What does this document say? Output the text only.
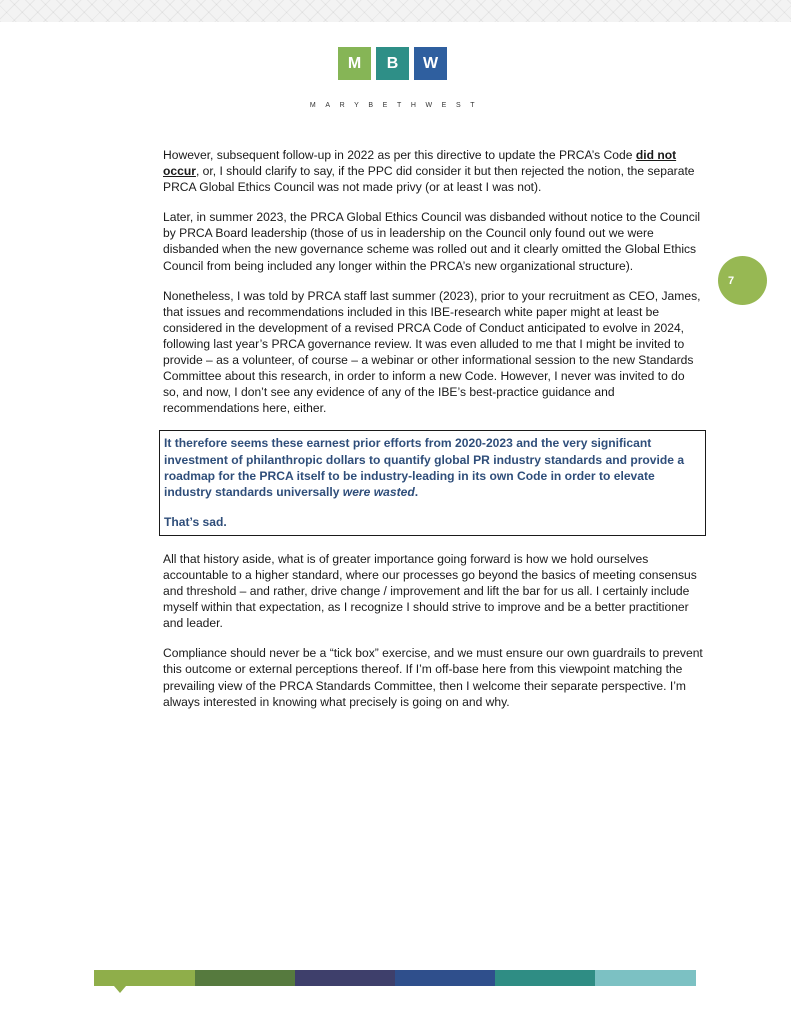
M	B	W
MARYBETHWEST
7

However, subsequent follow-up in 2022 as per this directive to update the PRCA’s Code did not occur, or, I should clarify to say, if the PPC did consider it but then rejected the notion, the separate PRCA Global Ethics Council was not made privy (or at least I was not).

Later, in summer 2023, the PRCA Global Ethics Council was disbanded without notice to the Council by PRCA Board leadership (those of us in leadership on the Council only found out we were disbanded when the new governance scheme was rolled out and it clearly omitted the Global Ethics Council from being included any longer within the PRCA’s new organizational structure).

Nonetheless, I was told by PRCA staff last summer (2023), prior to your recruitment as CEO, James, that issues and recommendations included in this IBE-research white paper might at least be considered in the development of a revised PRCA Code of Conduct anticipated to evolve in 2024, following last year’s PRCA governance review. It was even alluded to me that I might be invited to provide – as a volunteer, of course – a webinar or other informational session to the new Standards Committee about this research, in order to inform a new Code. However, I never was invited to do so, and now, I don’t see any evidence of any of the IBE’s best-practice guidance and recommendations here, either.

It therefore seems these earnest prior efforts from 2020-2023 and the very significant investment of philanthropic dollars to quantify global PR industry standards and provide a roadmap for the PRCA itself to be industry-leading in its own Code in order to elevate industry standards universally were wasted.

That’s sad.

All that history aside, what is of greater importance going forward is how we hold ourselves accountable to a higher standard, where our processes go beyond the basics of meeting consensus and threshold – and rather, drive change / improvement and lift the bar for us all. I certainly include myself within that expectation, as I recognize I should strive to improve and be a better practitioner and leader.

Compliance should never be a “tick box” exercise, and we must ensure our own guardrails to prevent this outcome or external perceptions thereof. If I’m off-base here from this viewpoint matching the prevailing view of the PRCA Standards Committee, then I welcome their separate perspective. I’m always interested in knowing what precisely is going on and why.
